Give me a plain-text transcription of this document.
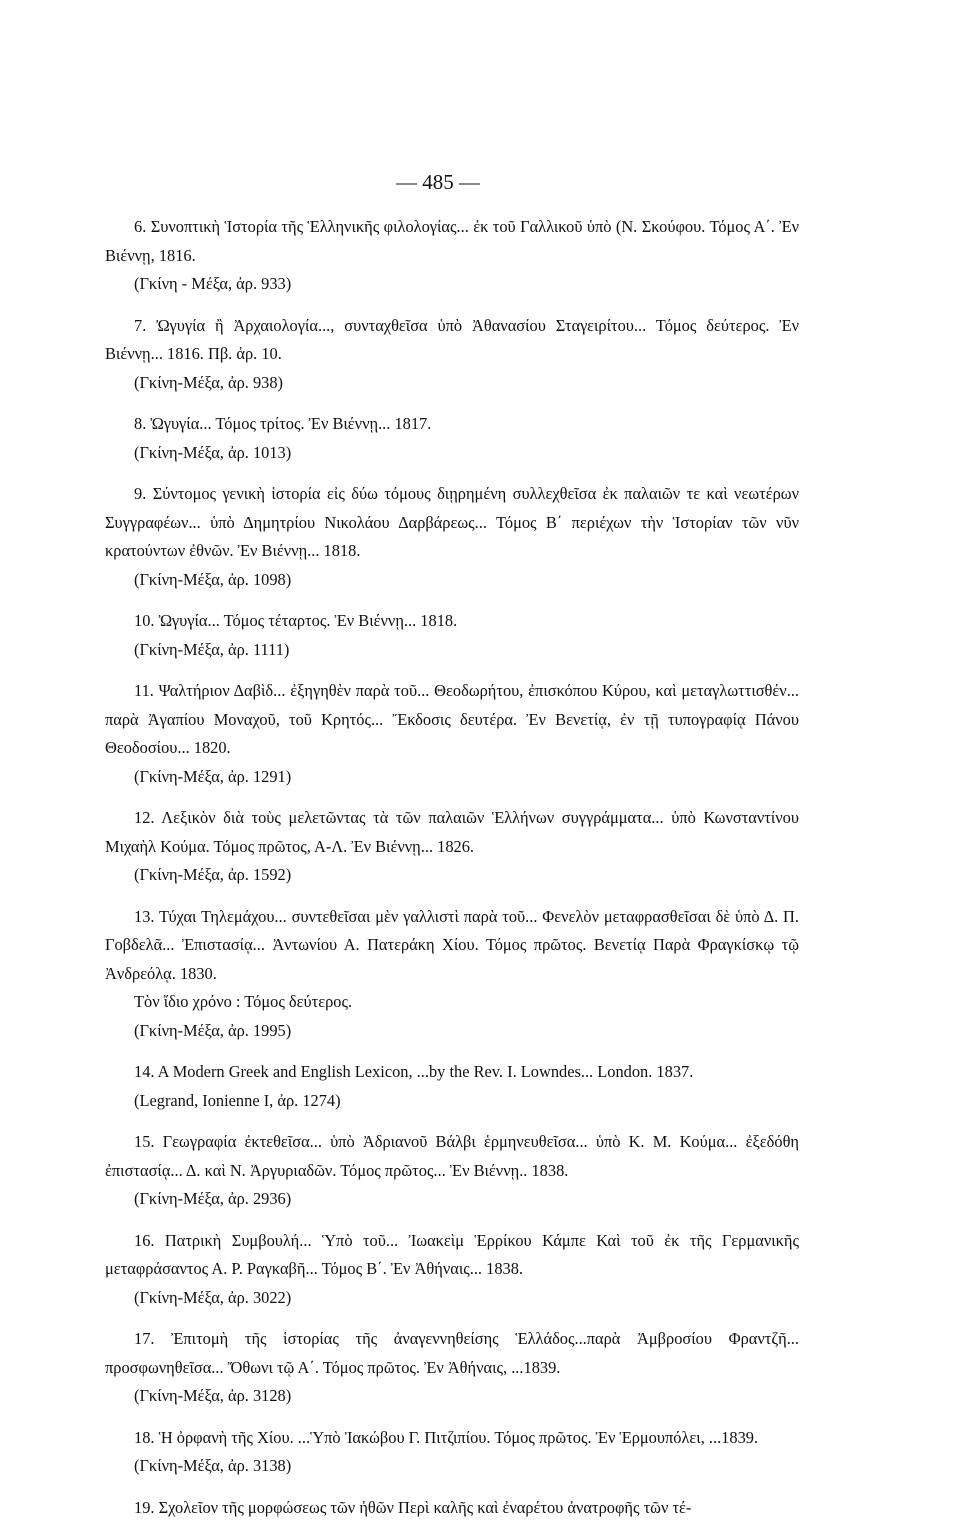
— 485 —
6. Συνοπτικὴ Ἱστορία τῆς Ἑλληνικῆς φιλολογίας... ἐκ τοῦ Γαλλικοῦ ὑπὸ (Ν. Σκούφου. Τόμος Α΄. Ἐν Βιέννῃ, 1816.
(Γκίνη - Μέξα, ἀρ. 933)
7. Ὠγυγία ἢ Ἀρχαιολογία..., συνταχθεῖσα ὑπὸ Ἀθανασίου Σταγειρίτου... Τόμος δεύτερος. Ἐν Βιέννῃ... 1816. Πβ. ἀρ. 10.
(Γκίνη-Μέξα, ἀρ. 938)
8. Ὠγυγία... Τόμος τρίτος. Ἐν Βιέννῃ... 1817.
(Γκίνη-Μέξα, ἀρ. 1013)
9. Σύντομος γενικὴ ἱστορία εἰς δύω τόμους διῃρημένη συλλεχθεῖσα ἐκ παλαιῶν τε καὶ νεωτέρων Συγγραφέων... ὑπὸ Δημητρίου Νικολάου Δαρβάρεως... Τόμος Β΄ περιέχων τὴν Ἱστορίαν τῶν νῦν κρατούντων ἐθνῶν. Ἐν Βιέννῃ... 1818.
(Γκίνη-Μέξα, ἀρ. 1098)
10. Ὠγυγία... Τόμος τέταρτος. Ἐν Βιέννῃ... 1818.
(Γκίνη-Μέξα, ἀρ. 1111)
11. Ψαλτήριον Δαβὶδ... ἐξηγηθὲν παρὰ τοῦ... Θεοδωρήτου, ἐπισκόπου Κύρου, καὶ μεταγλωττισθέν... παρὰ Ἀγαπίου Μοναχοῦ, τοῦ Κρητός... Ἔκδοσις δευτέρα. Ἐν Βενετίᾳ, ἐν τῇ τυπογραφίᾳ Πάνου Θεοδοσίου... 1820.
(Γκίνη-Μέξα, ἀρ. 1291)
12. Λεξικὸν διὰ τοὺς μελετῶντας τὰ τῶν παλαιῶν Ἑλλήνων συγγράμματα... ὑπὸ Κωνσταντίνου Μιχαὴλ Κούμα. Τόμος πρῶτος, Α-Λ. Ἐν Βιέννῃ... 1826.
(Γκίνη-Μέξα, ἀρ. 1592)
13. Τύχαι Τηλεμάχου... συντεθεῖσαι μὲν γαλλιστὶ παρὰ τοῦ... Φενελὸν μεταφρασθεῖσαι δὲ ὑπὸ Δ. Π. Γοβδελᾶ... Ἐπιστασίᾳ... Ἀντωνίου Α. Πατεράκη Χίου. Τόμος πρῶτος. Βενετίᾳ Παρὰ Φραγκίσκῳ τῷ Ἀνδρεόλᾳ. 1830.
Τὸν ἴδιο χρόνο : Τόμος δεύτερος.
(Γκίνη-Μέξα, ἀρ. 1995)
14. A Modern Greek and English Lexicon, ...by the Rev. I. Lowndes... London. 1837.
(Legrand, Ionienne I, ἀρ. 1274)
15. Γεωγραφία ἐκτεθεῖσα... ὑπὸ Ἀδριανοῦ Βάλβι ἑρμηνευθεῖσα... ὑπὸ Κ. Μ. Κούμα... ἐξεδόθη ἐπιστασίᾳ... Δ. καὶ Ν. Ἀργυριαδῶν. Τόμος πρῶτος... Ἐν Βιέννῃ.. 1838.
(Γκίνη-Μέξα, ἀρ. 2936)
16. Πατρικὴ Συμβουλή... Ὑπὸ τοῦ... Ἰωακεὶμ Ἑρρίκου Κάμπε Καὶ τοῦ ἐκ τῆς Γερμανικῆς μεταφράσαντος Α. Ρ. Ραγκαβῆ... Τόμος Β΄. Ἐν Ἀθήναις... 1838.
(Γκίνη-Μέξα, ἀρ. 3022)
17. Ἐπιτομὴ τῆς ἱστορίας τῆς ἀναγεννηθείσης Ἑλλάδος...παρὰ Ἀμβροσίου Φραντζῆ... προσφωνηθεῖσα... Ὄθωνι τῷ Α΄. Τόμος πρῶτος. Ἐν Ἀθήναις, ...1839.
(Γκίνη-Μέξα, ἀρ. 3128)
18. Ἡ ὀρφανὴ τῆς Χίου. ...Ὑπὸ Ἰακώβου Γ. Πιτζιπίου. Τόμος πρῶτος. Ἐν Ἑρμουπόλει, ...1839.
(Γκίνη-Μέξα, ἀρ. 3138)
19. Σχολεῖον τῆς μορφώσεως τῶν ἠθῶν Περὶ καλῆς καὶ ἐναρέτου ἀνατροφῆς τῶν τέ-
